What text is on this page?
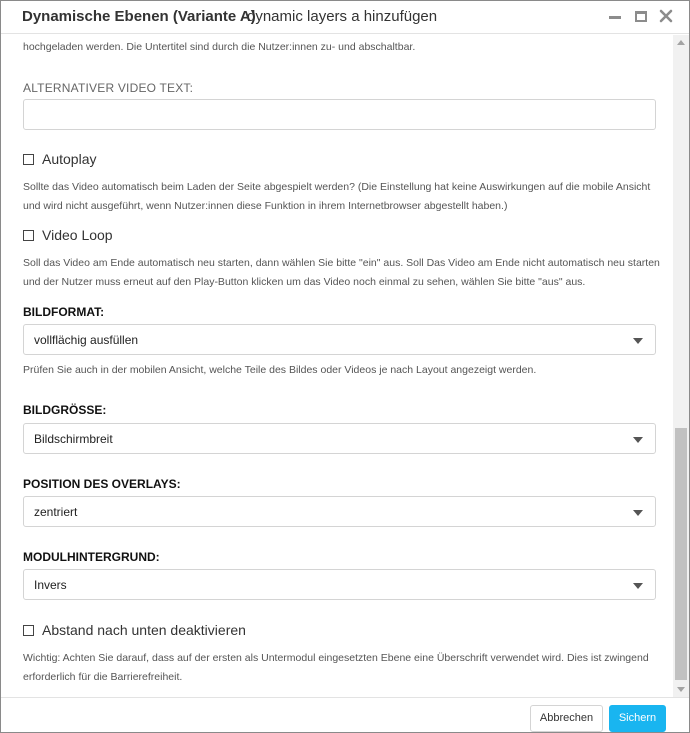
Dynamische Ebenen (Variante A)
dynamic layers a hinzufügen
hochgeladen werden. Die Untertitel sind durch die Nutzer:innen zu- und abschaltbar.
ALTERNATIVER VIDEO TEXT:
Autoplay
Sollte das Video automatisch beim Laden der Seite abgespielt werden? (Die Einstellung hat keine Auswirkungen auf die mobile Ansicht und wird nicht ausgeführt, wenn Nutzer:innen diese Funktion in ihrem Internetbrowser abgestellt haben.)
Video Loop
Soll das Video am Ende automatisch neu starten, dann wählen Sie bitte "ein" aus. Soll Das Video am Ende nicht automatisch neu starten und der Nutzer muss erneut auf den Play-Button klicken um das Video noch einmal zu sehen, wählen Sie bitte "aus" aus.
BILDFORMAT:
vollflächig ausfüllen
Prüfen Sie auch in der mobilen Ansicht, welche Teile des Bildes oder Videos je nach Layout angezeigt werden.
BILDGRÖSSE:
Bildschirmbreit
POSITION DES OVERLAYS:
zentriert
MODULHINTERGRUND:
Invers
Abstand nach unten deaktivieren
Wichtig: Achten Sie darauf, dass auf der ersten als Untermodul eingesetzten Ebene eine Überschrift verwendet wird. Dies ist zwingend erforderlich für die Barrierefreiheit.
Abbrechen	Sichern
